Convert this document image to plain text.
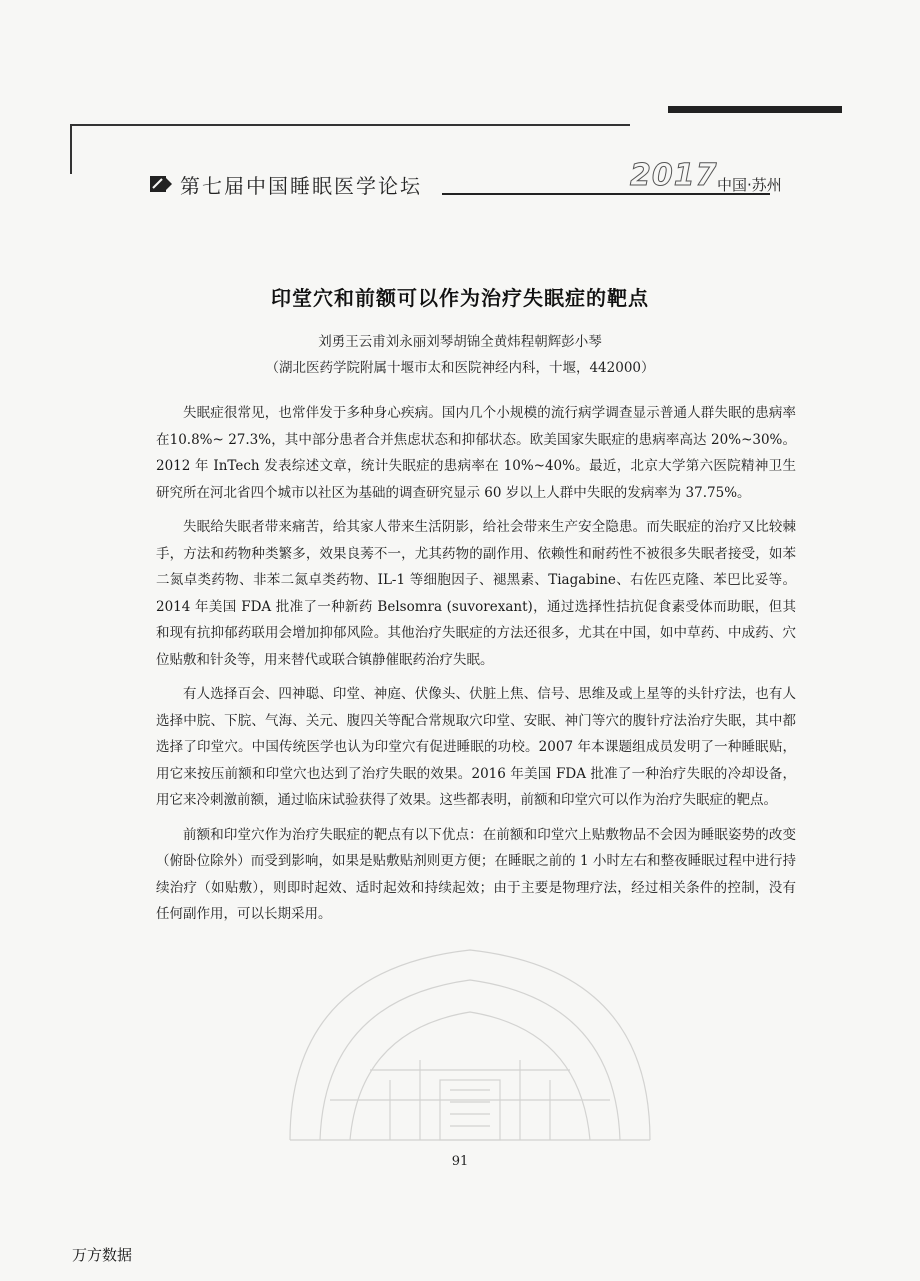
第七届中国睡眠医学论坛	2017 中国·苏州
印堂穴和前额可以作为治疗失眠症的靶点
刘勇王云甫刘永丽刘琴胡锦全黄炜程朝辉彭小琴
（湖北医药学院附属十堰市太和医院神经内科，十堰，442000）

失眠症很常见，也常伴发于多种身心疾病。国内几个小规模的流行病学调查显示普通人群失眠的患病率在10.8%~ 27.3%，其中部分患者合并焦虑状态和抑郁状态。欧美国家失眠症的患病率高达 20%~30%。2012 年 InTech 发表综述文章，统计失眠症的患病率在 10%~40%。最近，北京大学第六医院精神卫生研究所在河北省四个城市以社区为基础的调查研究显示 60 岁以上人群中失眠的发病率为 37.75%。

失眠给失眠者带来痛苦，给其家人带来生活阴影，给社会带来生产安全隐患。而失眠症的治疗又比较棘手，方法和药物种类繁多，效果良莠不一，尤其药物的副作用、依赖性和耐药性不被很多失眠者接受，如苯二氮卓类药物、非苯二氮卓类药物、IL-1 等细胞因子、褪黑素、Tiagabine、右佐匹克隆、苯巴比妥等。2014 年美国 FDA 批准了一种新药 Belsomra (suvorexant)，通过选择性拮抗促食素受体而助眠，但其和现有抗抑郁药联用会增加抑郁风险。其他治疗失眠症的方法还很多，尤其在中国，如中草药、中成药、穴位贴敷和针灸等，用来替代或联合镇静催眠药治疗失眠。

有人选择百会、四神聪、印堂、神庭、伏像头、伏脏上焦、信号、思维及或上星等的头针疗法，也有人选择中脘、下脘、气海、关元、腹四关等配合常规取穴印堂、安眠、神门等穴的腹针疗法治疗失眠，其中都选择了印堂穴。中国传统医学也认为印堂穴有促进睡眠的功校。2007 年本课题组成员发明了一种睡眠贴，用它来按压前额和印堂穴也达到了治疗失眠的效果。2016 年美国 FDA 批准了一种治疗失眠的冷却设备，用它来冷刺激前额，通过临床试验获得了效果。这些都表明，前额和印堂穴可以作为治疗失眠症的靶点。

前额和印堂穴作为治疗失眠症的靶点有以下优点：在前额和印堂穴上贴敷物品不会因为睡眠姿势的改变（俯卧位除外）而受到影响，如果是贴敷贴剂则更方便；在睡眠之前的 1 小时左右和整夜睡眠过程中进行持续治疗（如贴敷），则即时起效、适时起效和持续起效；由于主要是物理疗法，经过相关条件的控制，没有任何副作用，可以长期采用。

91
万方数据
